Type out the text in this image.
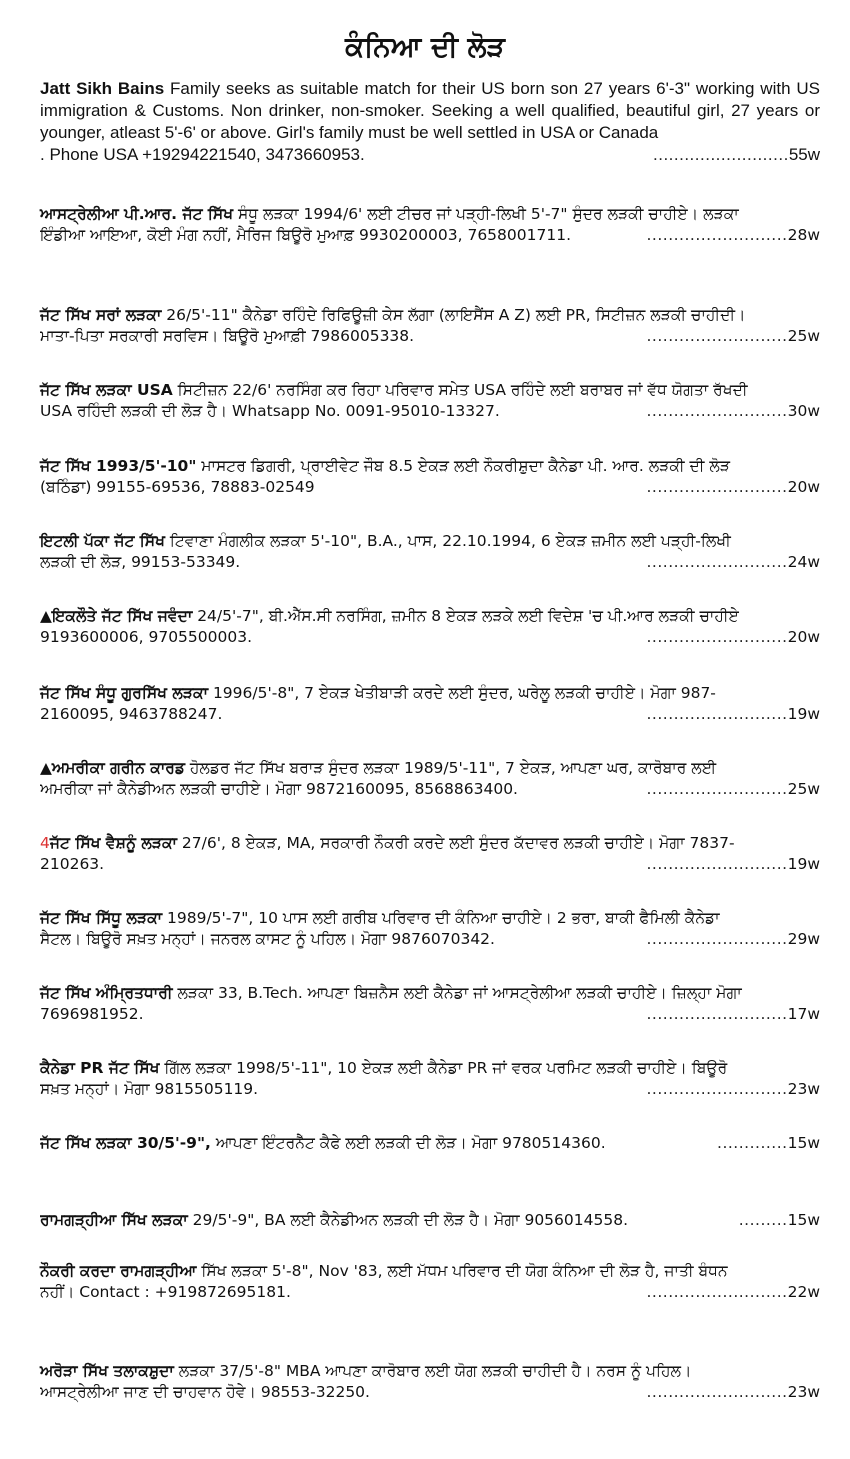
ਕੰਨਿਆ ਦੀ ਲੋੜ
Jatt Sikh Bains Family seeks as suitable match for their US born son 27 years 6'-3" working with US immigration & Customs. Non drinker, non-smoker. Seeking a well qualified, beautiful girl, 27 years or younger, atleast 5'-6' or above. Girl's family must be well settled in USA or Canada
. Phone USA +19294221540, 3473660953.	.......................... 55w
ਆਸਟ੍ਰੇਲੀਆ ਪੀ.ਆਰ. ਜੱਟ ਸਿੱਖ ਸੰਧੂ ਲੜਕਾ 1994/6' ਲਈ ਟੀਚਰ ਜਾਂ ਪੜ੍ਹੀ-ਲਿਖੀ 5'-7" ਸੁੰਦਰ ਲੜਕੀ ਚਾਹੀਏ। ਲੜਕਾ
ਇੰਡੀਆ ਆਇਆ, ਕੋਈ ਮੰਗ ਨਹੀਂ, ਮੈਰਿਜ ਬਿਊਰੋ ਮੁਆਫ਼ 9930200003, 7658001711.	.......................... 28w
ਜੱਟ ਸਿੱਖ ਸਰਾਂ ਲੜਕਾ 26/5'-11" ਕੈਨੇਡਾ ਰਹਿੰਦੇ ਰਿਫਿਊਜ਼ੀ ਕੇਸ ਲੱਗਾ (ਲਾਇਸੈਂਸ A Z) ਲਈ PR, ਸਿਟੀਜ਼ਨ ਲੜਕੀ ਚਾਹੀਦੀ।
ਮਾਤਾ-ਪਿਤਾ ਸਰਕਾਰੀ ਸਰਵਿਸ। ਬਿਊਰੋ ਮੁਆਫ਼ੀ 7986005338.	.......................... 25w
ਜੱਟ ਸਿੱਖ ਲੜਕਾ USA ਸਿਟੀਜ਼ਨ 22/6' ਨਰਸਿੰਗ ਕਰ ਰਿਹਾ ਪਰਿਵਾਰ ਸਮੇਤ USA ਰਹਿੰਦੇ ਲਈ ਬਰਾਬਰ ਜਾਂ ਵੱਧ ਯੋਗਤਾ ਰੱਖਦੀ
USA ਰਹਿੰਦੀ ਲੜਕੀ ਦੀ ਲੋੜ ਹੈ। Whatsapp No. 0091-95010-13327.	.......................... 30w
ਜੱਟ ਸਿੱਖ 1993/5'-10" ਮਾਸਟਰ ਡਿਗਰੀ, ਪ੍ਰਾਈਵੇਟ ਜੌਬ 8.5 ਏਕੜ ਲਈ ਨੌਕਰੀਸ਼ੁਦਾ ਕੈਨੇਡਾ ਪੀ. ਆਰ. ਲੜਕੀ ਦੀ ਲੋੜ
(ਬਠਿੰਡਾ) 99155-69536, 78883-02549	.......................... 20w
ਇਟਲੀ ਪੱਕਾ ਜੱਟ ਸਿੱਖ ਟਿਵਾਣਾ ਮੰਗਲੀਕ ਲੜਕਾ 5'-10", B.A., ਪਾਸ, 22.10.1994, 6 ਏਕੜ ਜ਼ਮੀਨ ਲਈ ਪੜ੍ਹੀ-ਲਿਖੀ
ਲੜਕੀ ਦੀ ਲੋੜ, 99153-53349.	.......................... 24w
▲ਇਕਲੌਤੇ ਜੱਟ ਸਿੱਖ ਜਵੰਦਾ 24/5'-7", ਬੀ.ਐੱਸ.ਸੀ ਨਰਸਿੰਗ, ਜ਼ਮੀਨ 8 ਏਕੜ ਲੜਕੇ ਲਈ ਵਿਦੇਸ਼ 'ਚ ਪੀ.ਆਰ ਲੜਕੀ ਚਾਹੀਏ
9193600006, 9705500003.	.......................... 20w
ਜੱਟ ਸਿੱਖ ਸੰਧੂ ਗੁਰਸਿੱਖ ਲੜਕਾ 1996/5'-8", 7 ਏਕੜ ਖੇਤੀਬਾੜੀ ਕਰਦੇ ਲਈ ਸੁੰਦਰ, ਘਰੇਲੂ ਲੜਕੀ ਚਾਹੀਏ। ਮੋਗਾ 987-
2160095, 9463788247.	.......................... 19w
▲ਅਮਰੀਕਾ ਗਰੀਨ ਕਾਰਡ ਹੋਲਡਰ ਜੱਟ ਸਿੱਖ ਬਰਾੜ ਸੁੰਦਰ ਲੜਕਾ 1989/5'-11", 7 ਏਕੜ, ਆਪਣਾ ਘਰ, ਕਾਰੋਬਾਰ ਲਈ
ਅਮਰੀਕਾ ਜਾਂ ਕੈਨੇਡੀਅਨ ਲੜਕੀ ਚਾਹੀਏ। ਮੋਗਾ 9872160095, 8568863400.	.......................... 25w
4ਜੱਟ ਸਿੱਖ ਵੈਸ਼ਨੂੰ ਲੜਕਾ 27/6', 8 ਏਕੜ, MA, ਸਰਕਾਰੀ ਨੌਕਰੀ ਕਰਦੇ ਲਈ ਸੁੰਦਰ ਕੱਦਾਵਰ ਲੜਕੀ ਚਾਹੀਏ। ਮੋਗਾ 7837-
210263.	.......................... 19w
ਜੱਟ ਸਿੱਖ ਸਿੱਧੂ ਲੜਕਾ 1989/5'-7", 10 ਪਾਸ ਲਈ ਗਰੀਬ ਪਰਿਵਾਰ ਦੀ ਕੰਨਿਆ ਚਾਹੀਏ। 2 ਭਰਾ, ਬਾਕੀ ਫੈਮਿਲੀ ਕੈਨੇਡਾ
ਸੈਟਲ। ਬਿਊਰੋ ਸਖ਼ਤ ਮਨ੍ਹਾਂ। ਜਨਰਲ ਕਾਸਟ ਨੂੰ ਪਹਿਲ। ਮੋਗਾ 9876070342.	.......................... 29w
ਜੱਟ ਸਿੱਖ ਅੰਮ੍ਰਿਤਧਾਰੀ ਲੜਕਾ 33, B.Tech. ਆਪਣਾ ਬਿਜ਼ਨੈਸ ਲਈ ਕੈਨੇਡਾ ਜਾਂ ਆਸਟ੍ਰੇਲੀਆ ਲੜਕੀ ਚਾਹੀਏ। ਜ਼ਿਲ੍ਹਾ ਮੋਗਾ
7696981952.	.......................... 17w
ਕੈਨੇਡਾ PR ਜੱਟ ਸਿੱਖ ਗਿੱਲ ਲੜਕਾ 1998/5'-11", 10 ਏਕੜ ਲਈ ਕੈਨੇਡਾ PR ਜਾਂ ਵਰਕ ਪਰਮਿਟ ਲੜਕੀ ਚਾਹੀਏ। ਬਿਊਰੋ
ਸਖ਼ਤ ਮਨ੍ਹਾਂ। ਮੋਗਾ 9815505119.	.......................... 23w
ਜੱਟ ਸਿੱਖ ਲੜਕਾ 30/5'-9", ਆਪਣਾ ਇੰਟਰਨੈੱਟ ਕੈਫੇ ਲਈ ਲੜਕੀ ਦੀ ਲੋੜ। ਮੋਗਾ 9780514360.	............. 15w
ਰਾਮਗੜ੍ਹੀਆ ਸਿੱਖ ਲੜਕਾ 29/5'-9", BA ਲਈ ਕੈਨੇਡੀਅਨ ਲੜਕੀ ਦੀ ਲੋੜ ਹੈ। ਮੋਗਾ 9056014558.	......... 15w
ਨੌਕਰੀ ਕਰਦਾ ਰਾਮਗੜ੍ਹੀਆ ਸਿੱਖ ਲੜਕਾ 5'-8", Nov '83, ਲਈ ਮੱਧਮ ਪਰਿਵਾਰ ਦੀ ਯੋਗ ਕੰਨਿਆ ਦੀ ਲੋੜ ਹੈ, ਜਾਤੀ ਬੰਧਨ
ਨਹੀਂ। Contact : +919872695181.	.......................... 22w
ਅਰੋੜਾ ਸਿੱਖ ਤਲਾਕਸ਼ੁਦਾ ਲੜਕਾ 37/5'-8" MBA ਆਪਣਾ ਕਾਰੋਬਾਰ ਲਈ ਯੋਗ ਲੜਕੀ ਚਾਹੀਦੀ ਹੈ। ਨਰਸ ਨੂੰ ਪਹਿਲ।
ਆਸਟ੍ਰੇਲੀਆ ਜਾਣ ਦੀ ਚਾਹਵਾਨ ਹੋਵੇ। 98553-32250.	.......................... 23w
